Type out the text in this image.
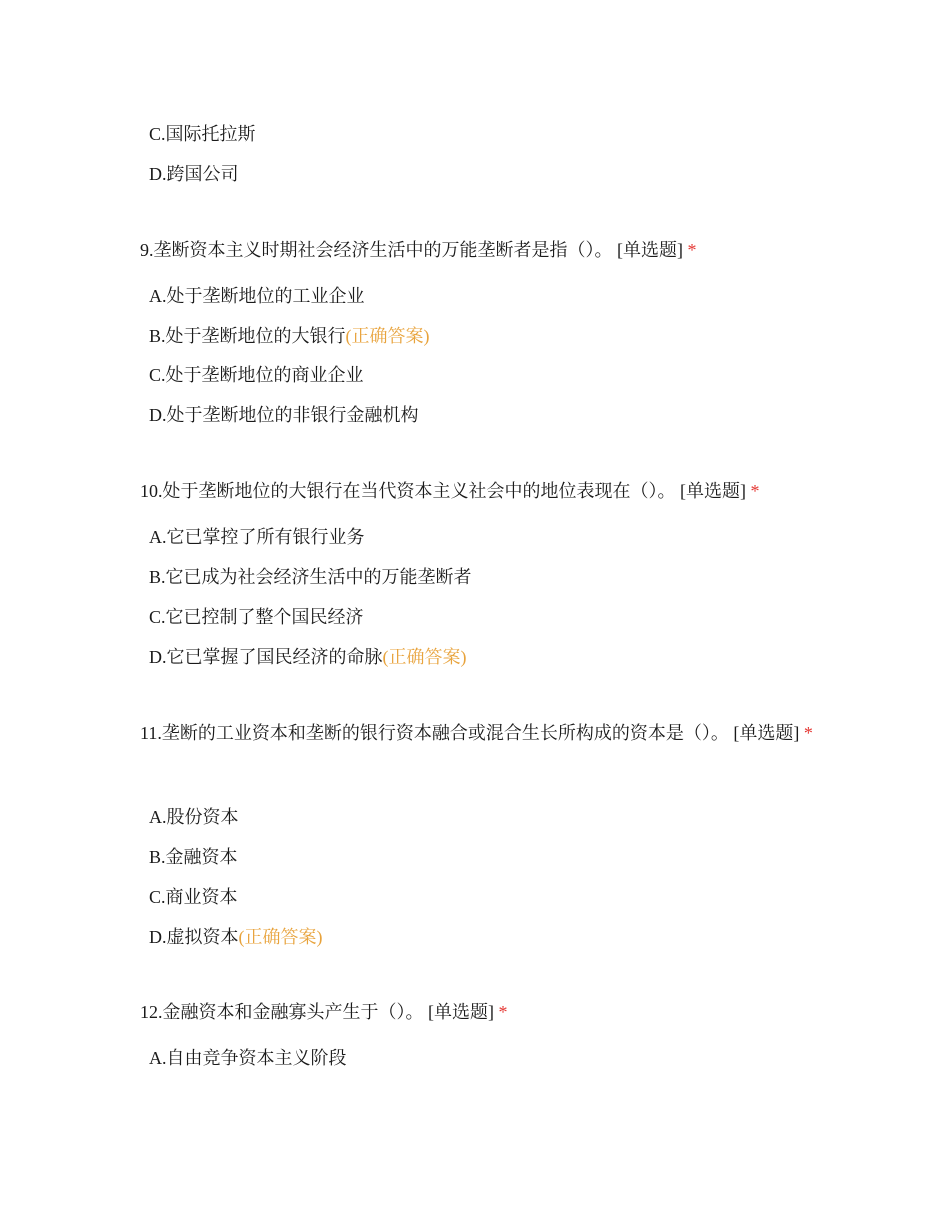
C.国际托拉斯
D.跨国公司
9.垄断资本主义时期社会经济生活中的万能垄断者是指（）。 [单选题] *
A.处于垄断地位的工业企业
B.处于垄断地位的大银行(正确答案)
C.处于垄断地位的商业企业
D.处于垄断地位的非银行金融机构
10.处于垄断地位的大银行在当代资本主义社会中的地位表现在（）。 [单选题] *
A.它已掌控了所有银行业务
B.它已成为社会经济生活中的万能垄断者
C.它已控制了整个国民经济
D.它已掌握了国民经济的命脉(正确答案)
11.垄断的工业资本和垄断的银行资本融合或混合生长所构成的资本是（）。 [单选题] *
A.股份资本
B.金融资本
C.商业资本
D.虚拟资本(正确答案)
12.金融资本和金融寡头产生于（）。 [单选题] *
A.自由竞争资本主义阶段
